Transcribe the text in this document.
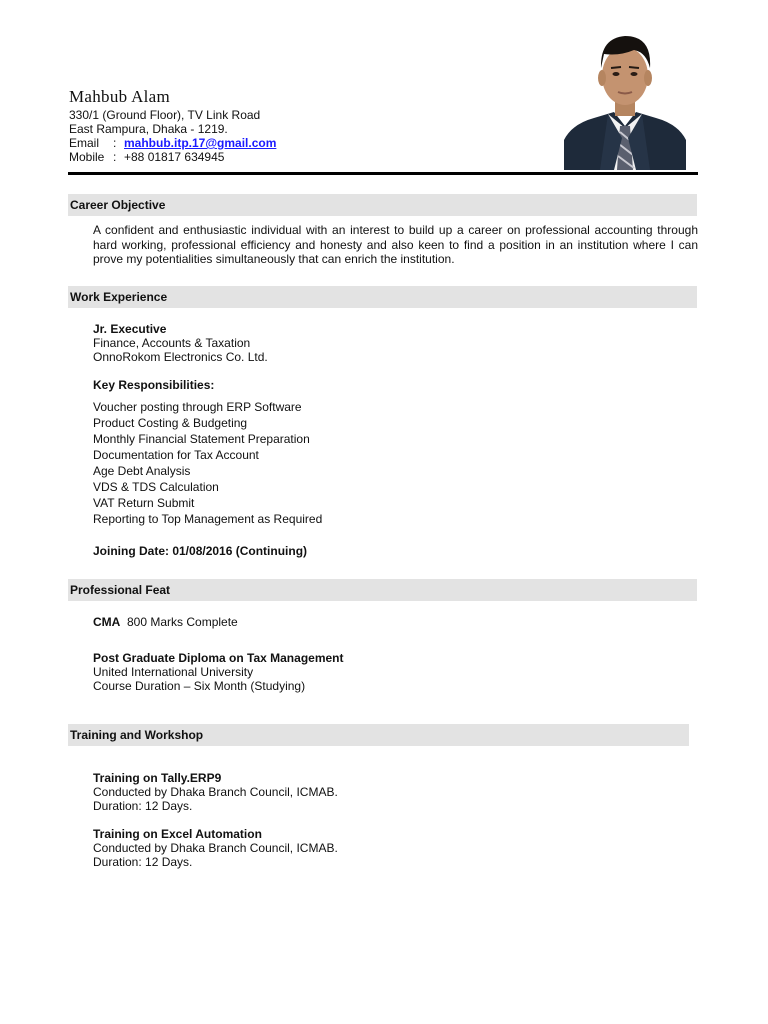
Mahbub Alam
330/1 (Ground Floor), TV Link Road
East Rampura, Dhaka - 1219.
Email : mahbub.itp.17@gmail.com
Mobile : +88 01817 634945
Career Objective
A confident and enthusiastic individual with an interest to build up a career on professional accounting through hard working, professional efficiency and honesty and also keen to find a position in an institution where I can prove my potentialities simultaneously that can enrich the institution.
Work Experience
Jr. Executive
Finance, Accounts & Taxation
OnnoRokom Electronics Co. Ltd.
Key Responsibilities:
Voucher posting through ERP Software
Product Costing & Budgeting
Monthly Financial Statement Preparation
Documentation for Tax Account
Age Debt Analysis
VDS & TDS Calculation
VAT Return Submit
Reporting to Top Management as Required
Joining Date: 01/08/2016 (Continuing)
Professional Feat
CMA 800 Marks Complete
Post Graduate Diploma on Tax Management
United International University
Course Duration – Six Month (Studying)
Training and Workshop
Training on Tally.ERP9
Conducted by Dhaka Branch Council, ICMAB.
Duration: 12 Days.
Training on Excel Automation
Conducted by Dhaka Branch Council, ICMAB.
Duration: 12 Days.
